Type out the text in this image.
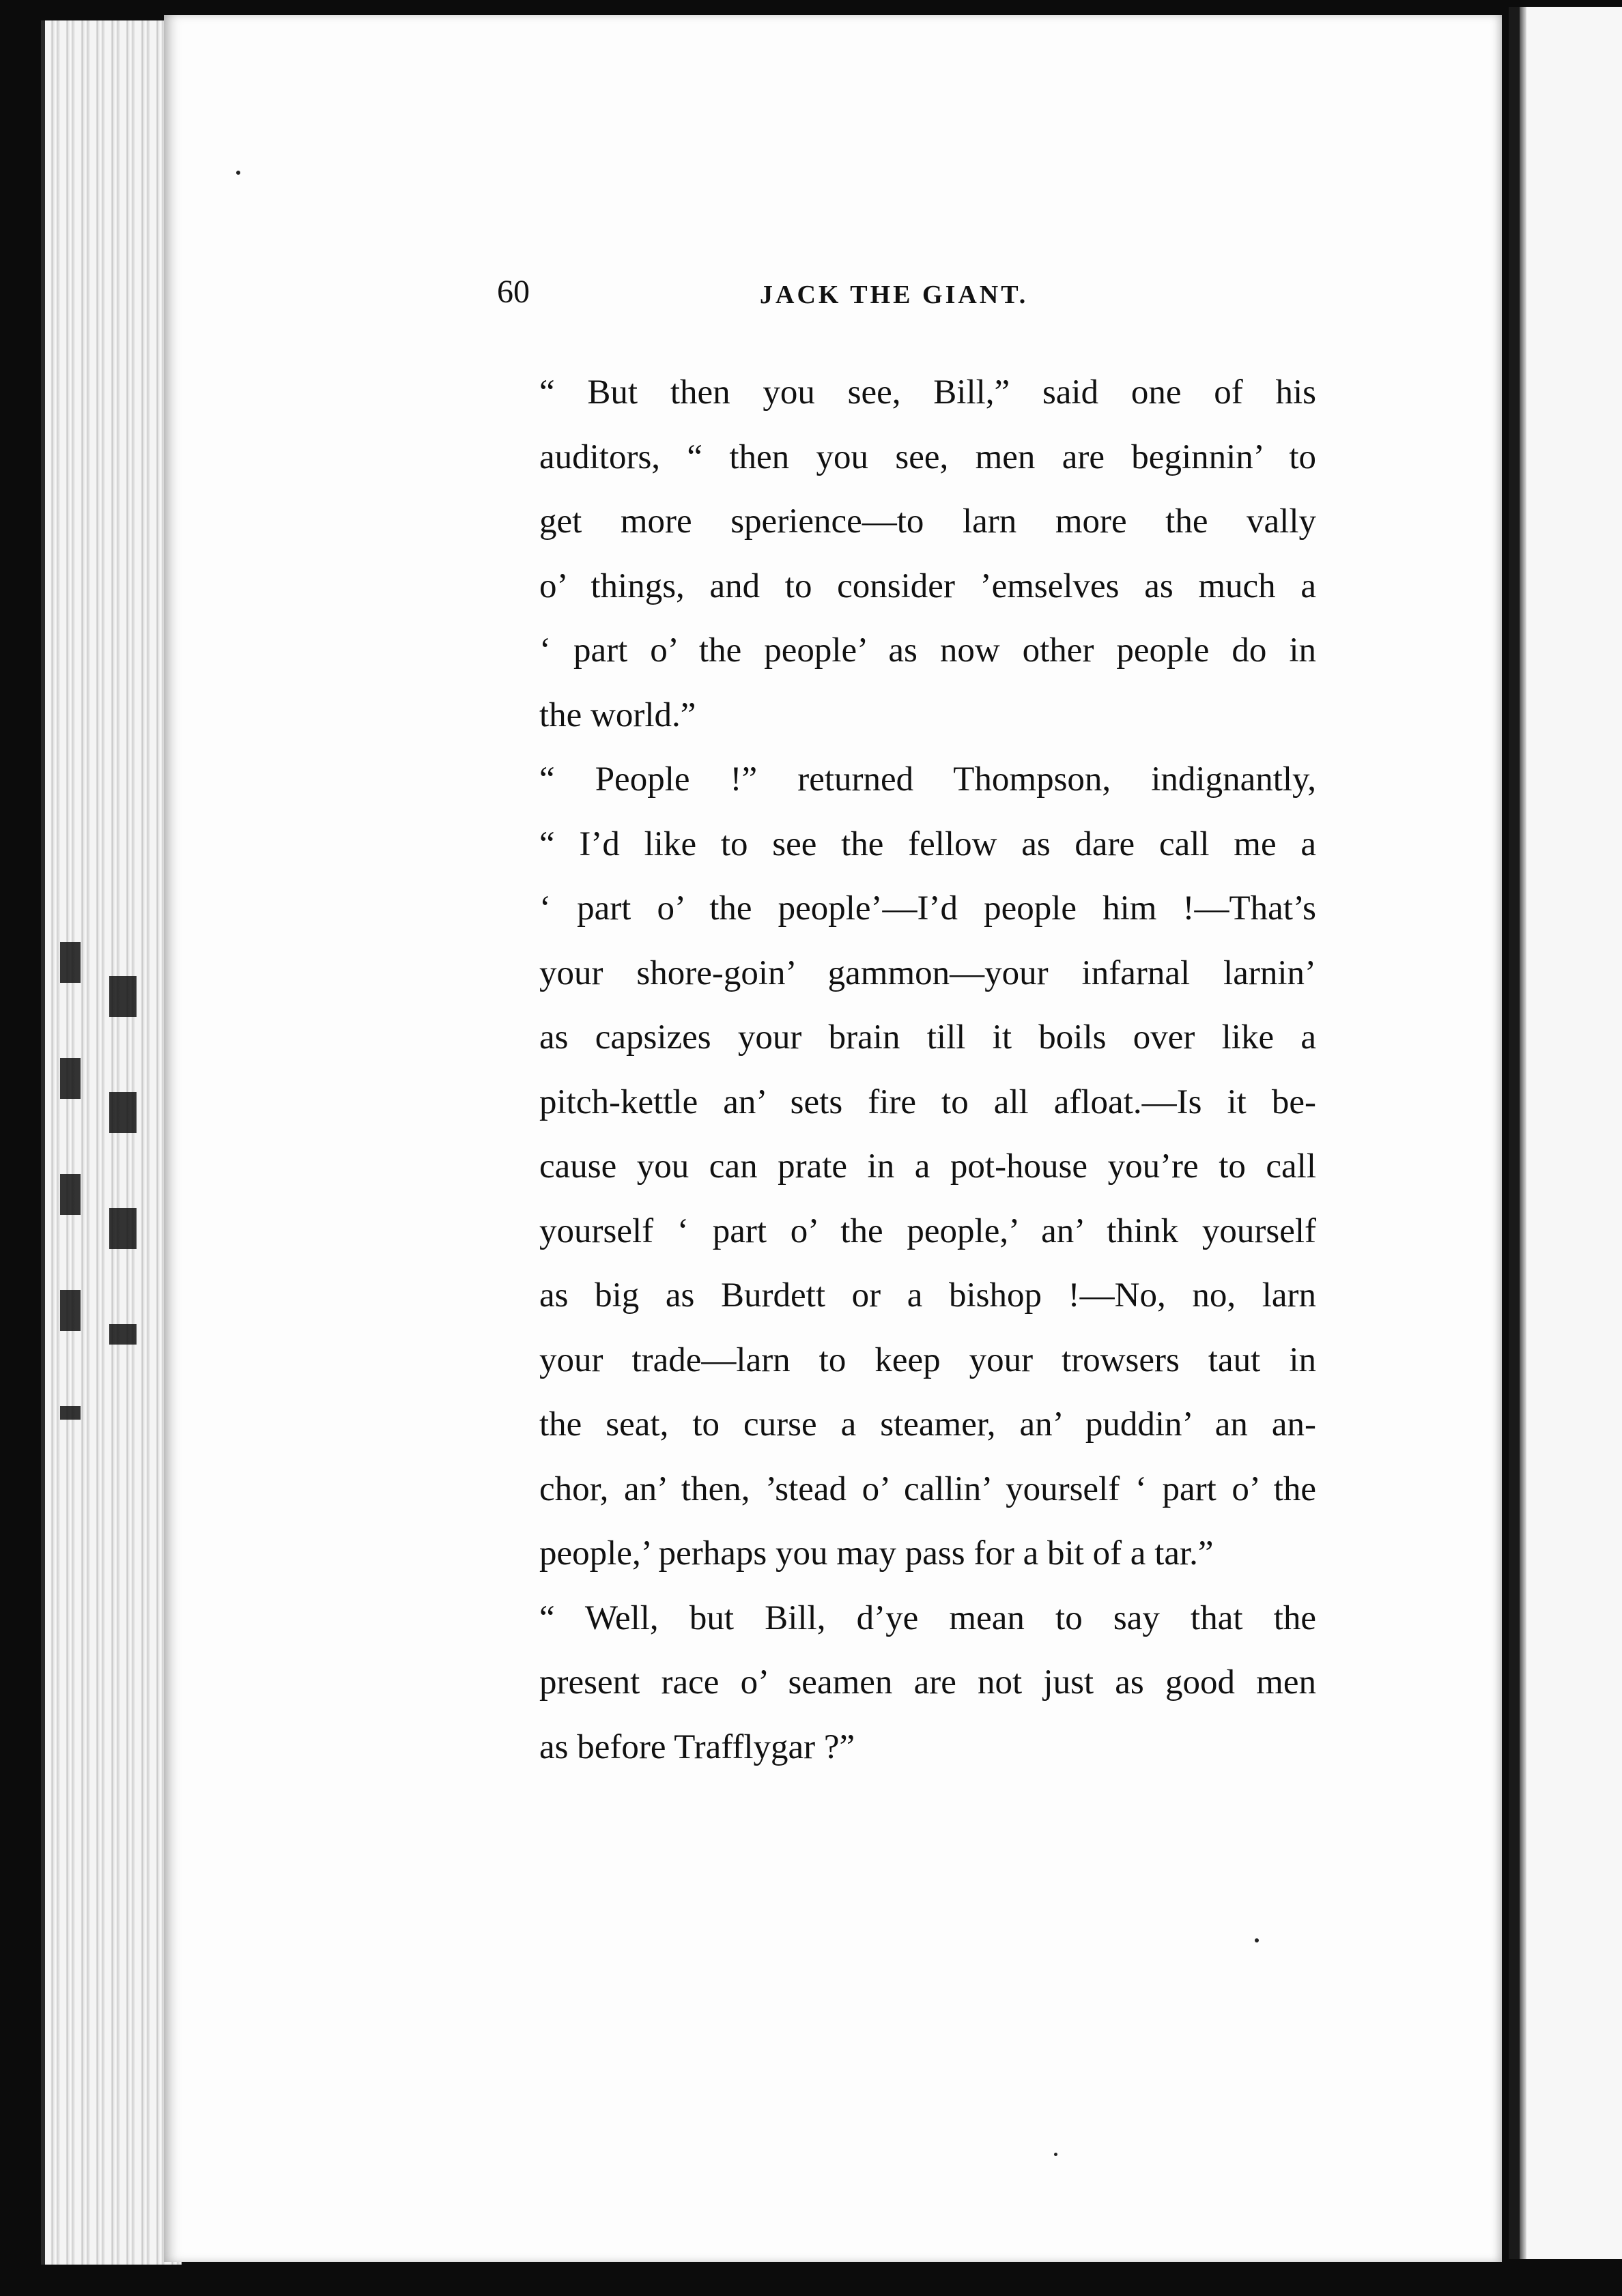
60	JACK THE GIANT.

“ But then you see, Bill,” said one of his
auditors, “ then you see, men are beginnin’ to
get more sperience—to larn more the vally
o’ things, and to consider ’emselves as much a
‘ part o’ the people’ as now other people do in
the world.”

“ People !” returned Thompson, indignantly,
“ I’d like to see the fellow as dare call me a
‘ part o’ the people’—I’d people him !—That’s
your shore-goin’ gammon—your infarnal larnin’
as capsizes your brain till it boils over like a
pitch-kettle an’ sets fire to all afloat.—Is it be-
cause you can prate in a pot-house you’re to call
yourself ‘ part o’ the people,’ an’ think yourself
as big as Burdett or a bishop !—No, no, larn
your trade—larn to keep your trowsers taut in
the seat, to curse a steamer, an’ puddin’ an an-
chor, an’ then, ’stead o’ callin’ yourself ‘ part o’ the
people,’ perhaps you may pass for a bit of a tar.”

“ Well, but Bill, d’ye mean to say that the
present race o’ seamen are not just as good men
as before Trafflygar ?”
